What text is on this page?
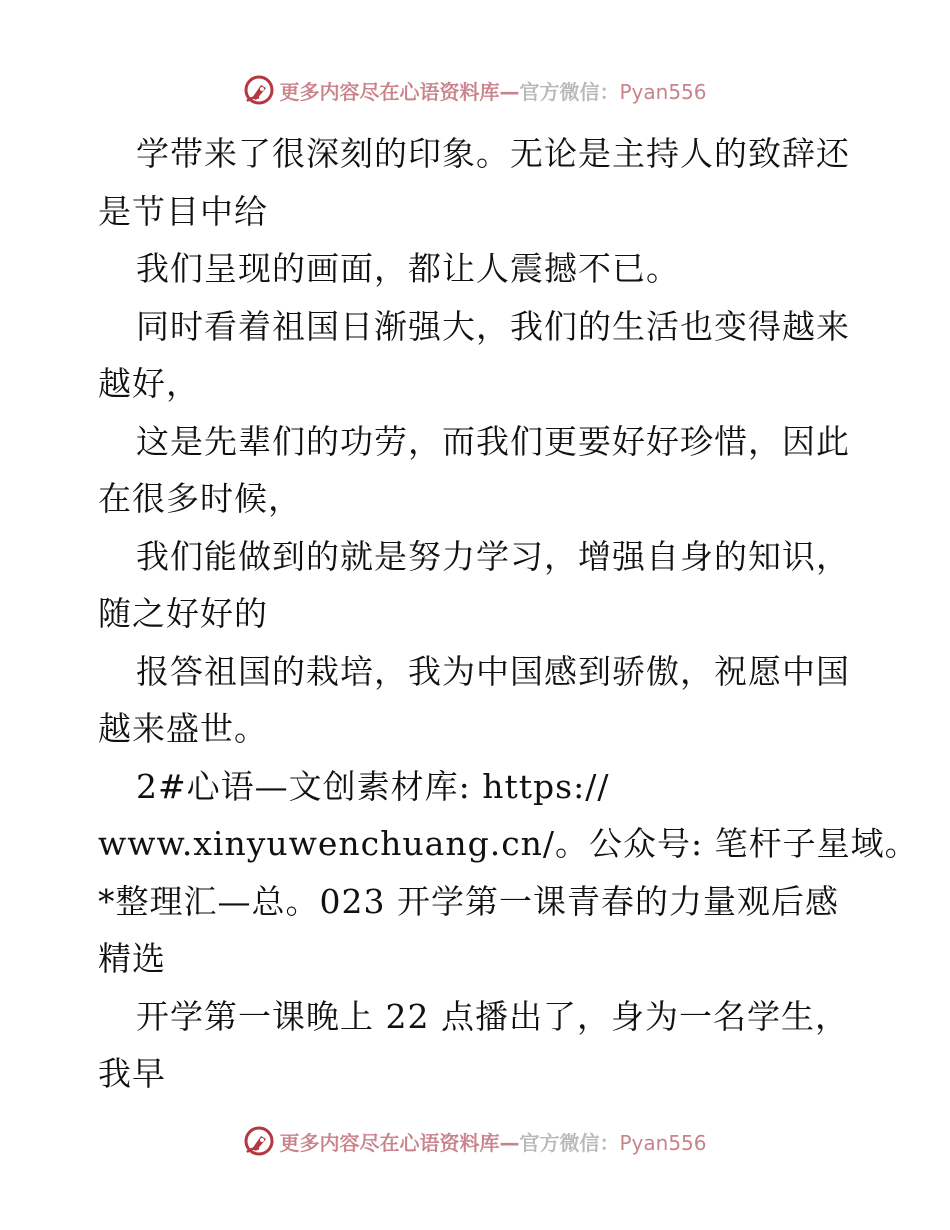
更多内容尽在心语资料库—官方微信：Pyan556
学带来了很深刻的印象。无论是主持人的致辞还
是节目中给
我们呈现的画面，都让人震撼不已。
同时看着祖国日渐强大，我们的生活也变得越来
越好，
这是先辈们的功劳，而我们更要好好珍惜，因此
在很多时候，
我们能做到的就是努力学习，增强自身的知识，
随之好好的
报答祖国的栽培，我为中国感到骄傲，祝愿中国
越来盛世。
2#心语—文创素材库: https://
www.xinyuwenchuang.cn/。公众号: 笔杆子星域。
*整理汇—总。023 开学第一课青春的力量观后感
精选
开学第一课晚上 22 点播出了，身为一名学生，
我早
更多内容尽在心语资料库—官方微信：Pyan556
